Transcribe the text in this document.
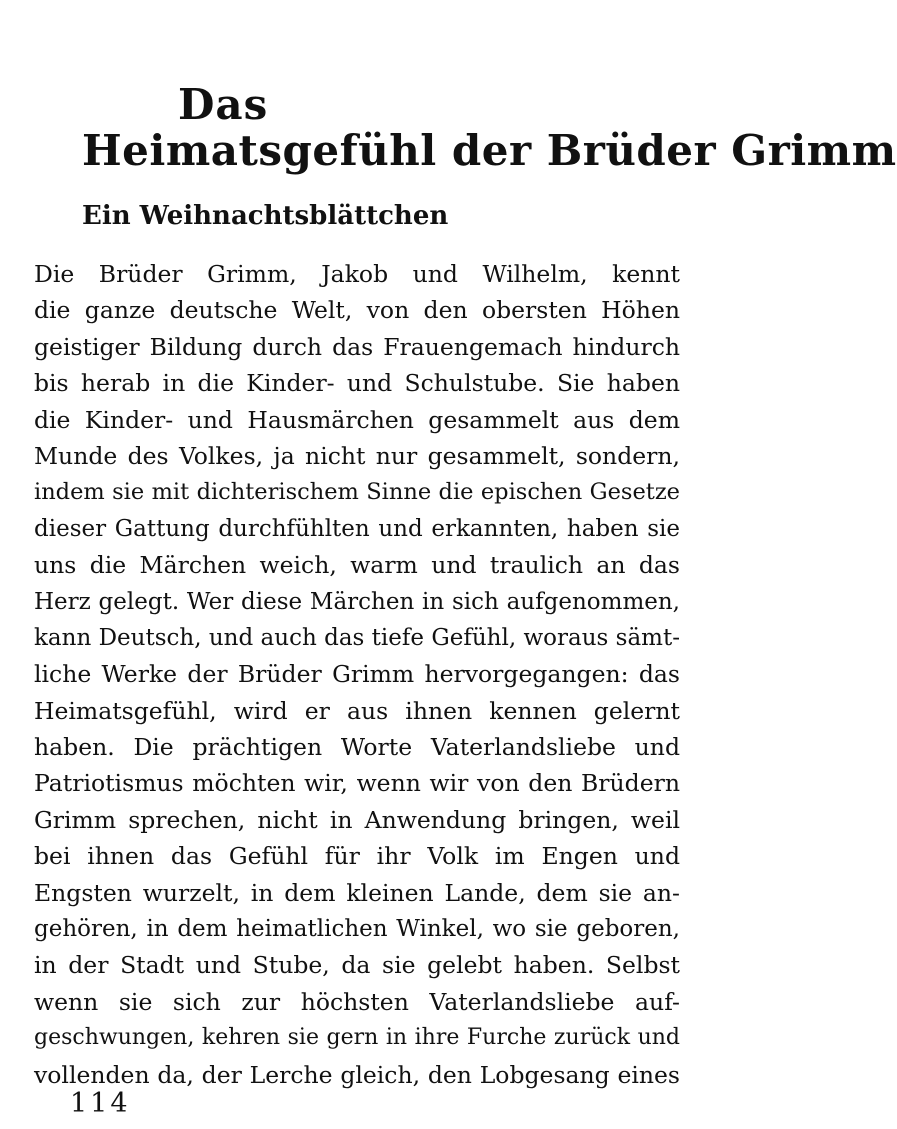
Das
Heimatsgefühl der Brüder Grimm
Ein Weihnachtsblättchen
Die Brüder Grimm, Jakob und Wilhelm, kennt
die ganze deutsche Welt, von den obersten Höhen
geistiger Bildung durch das Frauengemach hindurch
bis herab in die Kinder- und Schulstube. Sie haben
die Kinder- und Hausmärchen gesammelt aus dem
Munde des Volkes, ja nicht nur gesammelt, sondern,
indem sie mit dichterischem Sinne die epischen Gesetze
dieser Gattung durchfühlten und erkannten, haben sie
uns die Märchen weich, warm und traulich an das
Herz gelegt. Wer diese Märchen in sich aufgenommen,
kann Deutsch, und auch das tiefe Gefühl, woraus sämt-
liche Werke der Brüder Grimm hervorgegangen: das
Heimatsgefühl, wird er aus ihnen kennen gelernt
haben. Die prächtigen Worte Vaterlandsliebe und
Patriotismus möchten wir, wenn wir von den Brüdern
Grimm sprechen, nicht in Anwendung bringen, weil
bei ihnen das Gefühl für ihr Volk im Engen und
Engsten wurzelt, in dem kleinen Lande, dem sie an-
gehören, in dem heimatlichen Winkel, wo sie geboren,
in der Stadt und Stube, da sie gelebt haben. Selbst
wenn sie sich zur höchsten Vaterlandsliebe auf-
geschwungen, kehren sie gern in ihre Furche zurück und
vollenden da, der Lerche gleich, den Lobgesang eines
114
